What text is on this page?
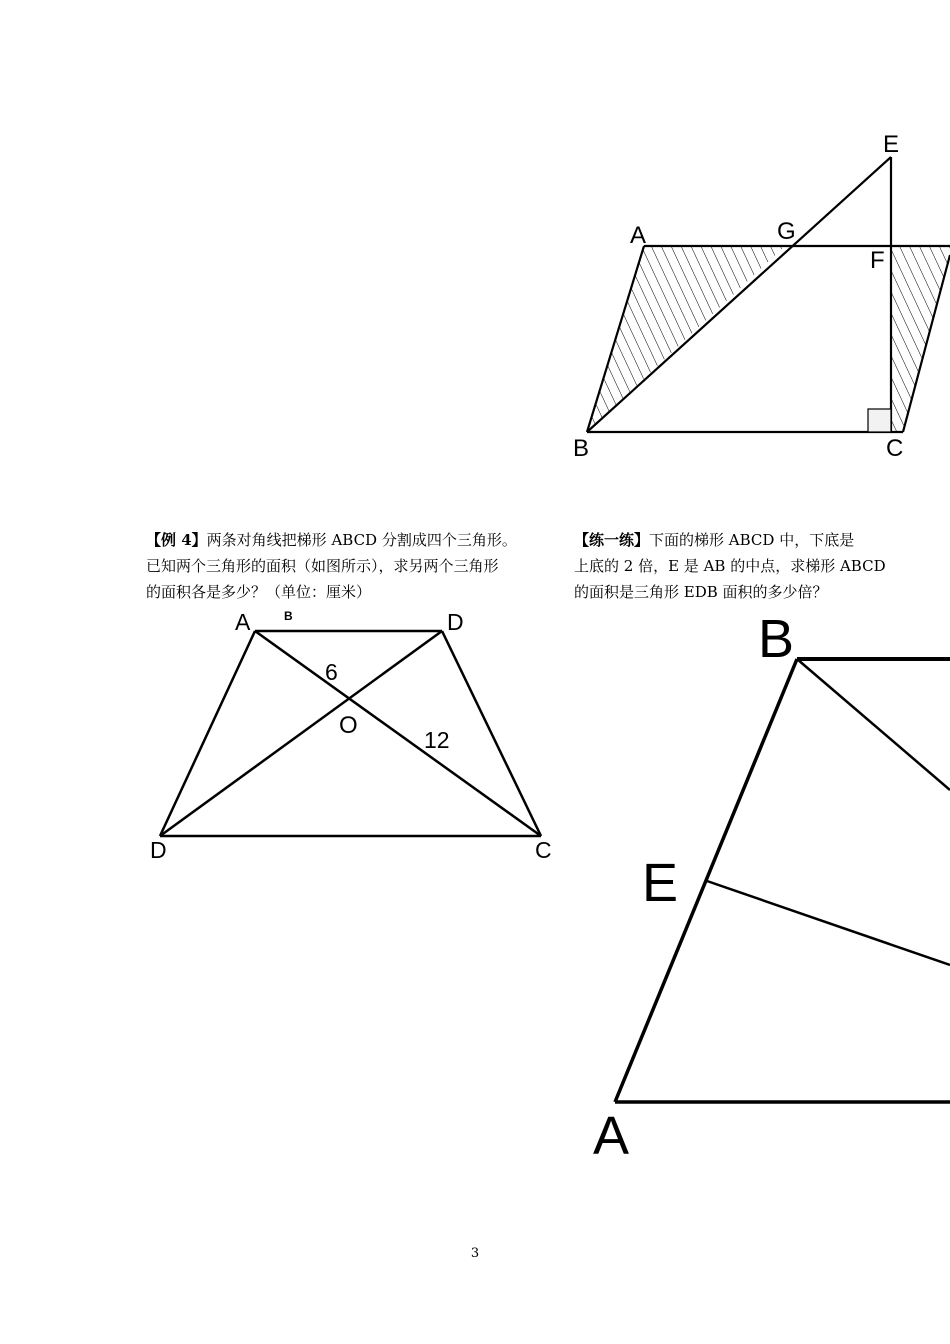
A	G
E
F
B	C
【例 4】两条对角线把梯形 ABCD 分割成四个三角形。
已知两个三角形的面积（如图所示），求另两个三角形
的面积各是多少？（单位：厘米）
【练一练】下面的梯形 ABCD 中，下底是
上底的 2 倍，E 是 AB 的中点，求梯形 ABCD
的面积是三角形 EDB 面积的多少倍？
A	B	D
D	C
O
6
12
B
E
A
3
